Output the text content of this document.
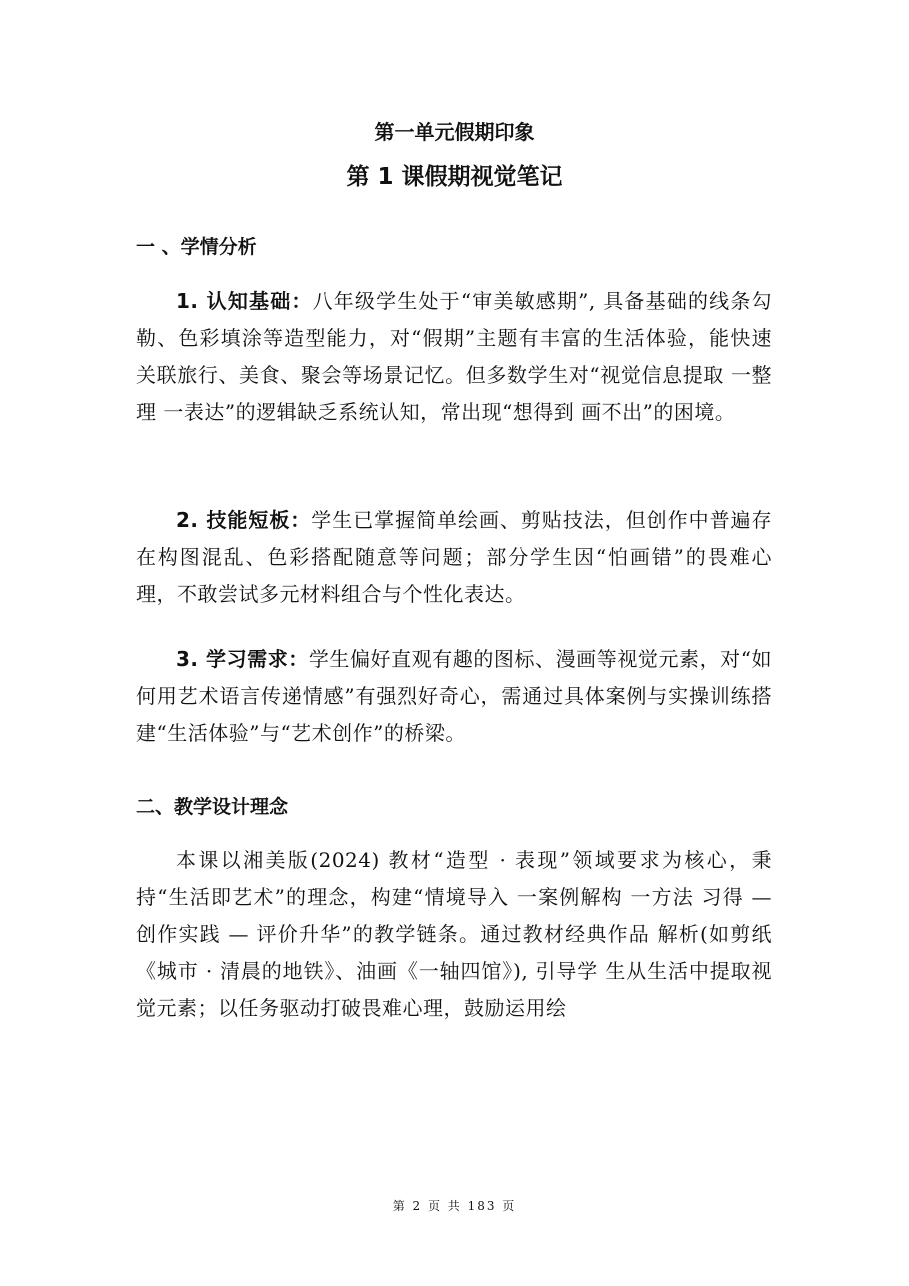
第一单元假期印象
第 1 课假期视觉笔记
一 、学情分析
1. 认知基础：八年级学生处于“审美敏感期”, 具备基础的线条勾勒、色彩填涂等造型能力，对“假期”主题有丰富的生活体验，能快速关联旅行、美食、聚会等场景记忆。但多数学生对“视觉信息提取 一整理 一表达”的逻辑缺乏系统认知，常出现“想得到 画不出”的困境。
2. 技能短板：学生已掌握简单绘画、剪贴技法，但创作中普遍存在构图混乱、色彩搭配随意等问题；部分学生因“怕画错”的畏难心理，不敢尝试多元材料组合与个性化表达。
3. 学习需求：学生偏好直观有趣的图标、漫画等视觉元素，对“如何用艺术语言传递情感”有强烈好奇心，需通过具体案例与实操训练搭建“生活体验”与“艺术创作”的桥梁。
二、教学设计理念
本课以湘美版(2024) 教材“造型 · 表现”领域要求为核心，秉 持“生活即艺术”的理念，构建“情境导入 一案例解构 一方法 习得 — 创作实践 — 评价升华”的教学链条。通过教材经典作品 解析(如剪纸《城市 · 清晨的地铁》、油画《一轴四馆》), 引导学 生从生活中提取视觉元素；以任务驱动打破畏难心理，鼓励运用绘
第 2 页 共 183 页
